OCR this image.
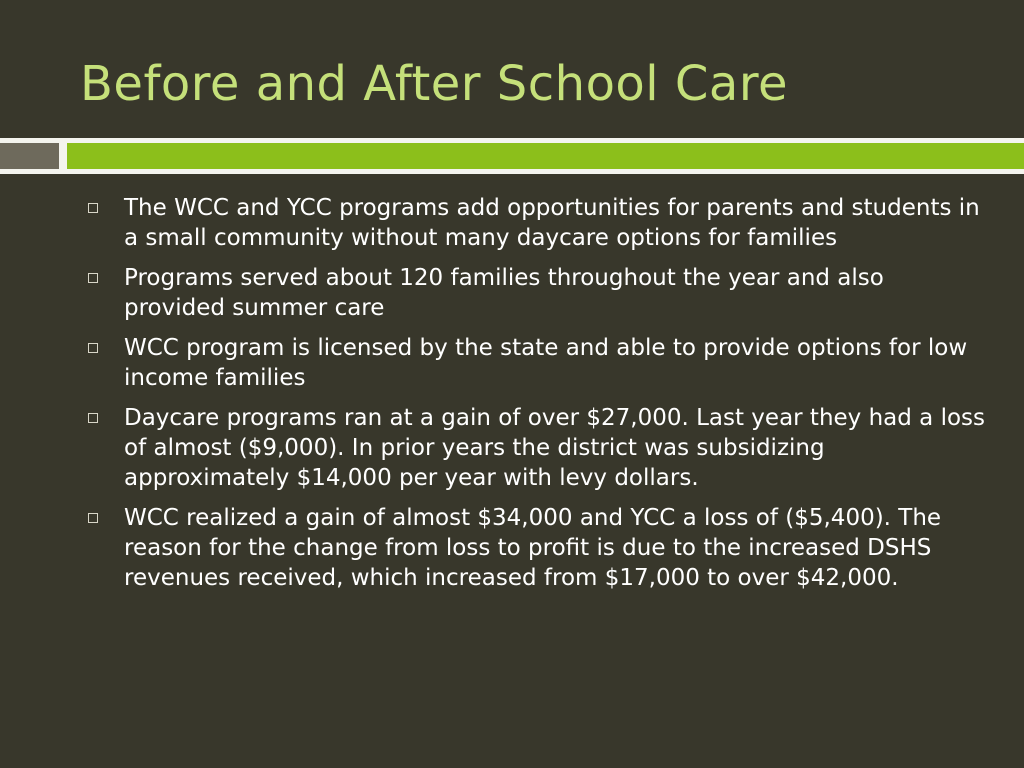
Before and After School Care
The WCC and YCC programs add opportunities for parents and students in a small community without many daycare options for families
Programs served about 120 families throughout the year and also provided summer care
WCC program is licensed by the state and able to provide options for low income families
Daycare programs ran at a gain of over $27,000. Last year they had a loss of almost ($9,000). In prior years the district was subsidizing approximately $14,000 per year with levy dollars.
WCC realized a gain of almost $34,000 and YCC a loss of ($5,400). The reason for the change from loss to profit is due to the increased DSHS revenues received, which increased from $17,000 to over $42,000.
